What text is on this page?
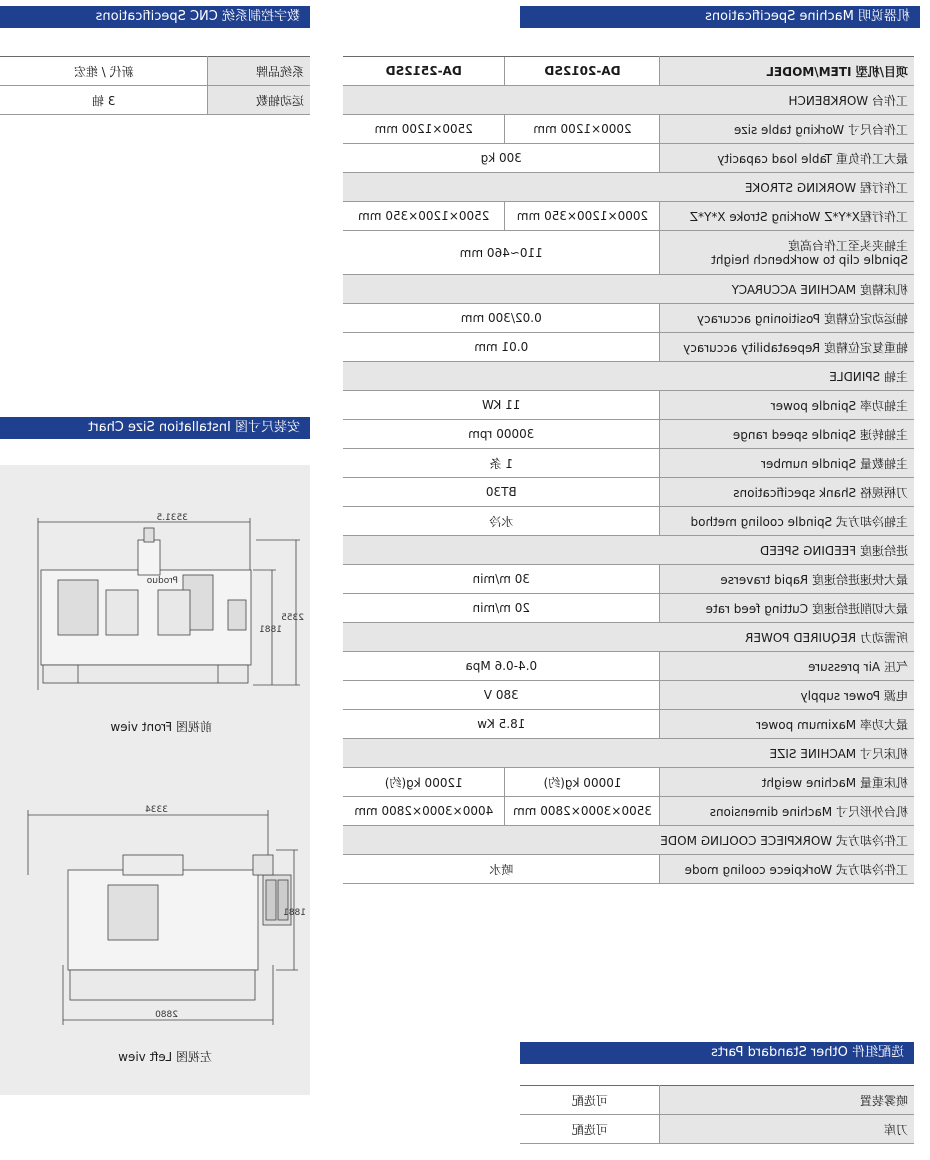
数字控制系统 CNC Specifications
系统品牌	新代 / 维宏
运动轴数	3 轴
安装尺寸图 Installation Size Chart
3531.5
1881
2355
Produo
前视图 Front view
3334
2880
1881
左视图 Left view
机器说明 Machine Specifications
项目/机型 ITEM/MODEL	DA-2012SD	DA-2512SD
工作台 WORKBENCH		
工作台尺寸 Working table size	2000×1200 mm	2500×1200 mm
最大工作负重 Table load capacity	300 kg	
工作行程 WORKING STROKE		
工作行程X*Y*Z Working Stroke X*Y*Z	2000×1200×350 mm	2500×1200×350 mm

主轴夹头至工作台高度
Spindle clip to workbench height	110~460 mm	
机床精度 MACHINE ACCURACY		
轴运动定位精度 Positioning accuracy	0.02/300 mm	
轴重复定位精度 Repeatability accuracy	0.01 mm	
主轴 SPINDLE		
主轴功率 Spindle power	11 KW	
主轴转速 Spindle speed range	30000 rpm	
主轴数量 Spindle number	1 条	
刀柄规格 Shank specifications	BT30	
主轴冷却方式 Spindle cooling method	水冷	
进给速度 FEEDING SPEED		
最大快速进给速度 Rapid traverse	30 m/min	
最大切削进给速度 Cutting feed rate	20 m/min	
所需动力 REQUIRED POWER		
气压 Air pressure	0.4-0.6 Mpa	
电源 Power supply	380 V	
最大功率 Maximum power	18.5 Kw	
机床尺寸 MACHINE SIZE		
机床重量 Machine weight	10000 kg(约)	12000 kg(约)
机台外形尺寸 Machine dimensions	3500×3000×2800 mm	4000×3000×2800 mm
工件冷却方式 WORKPIECE COOLING MODE		
工件冷却方式 Workpiece cooling mode	喷水	
选配组件 Other Standard Parts
喷雾装置	可选配
刀库	可选配
